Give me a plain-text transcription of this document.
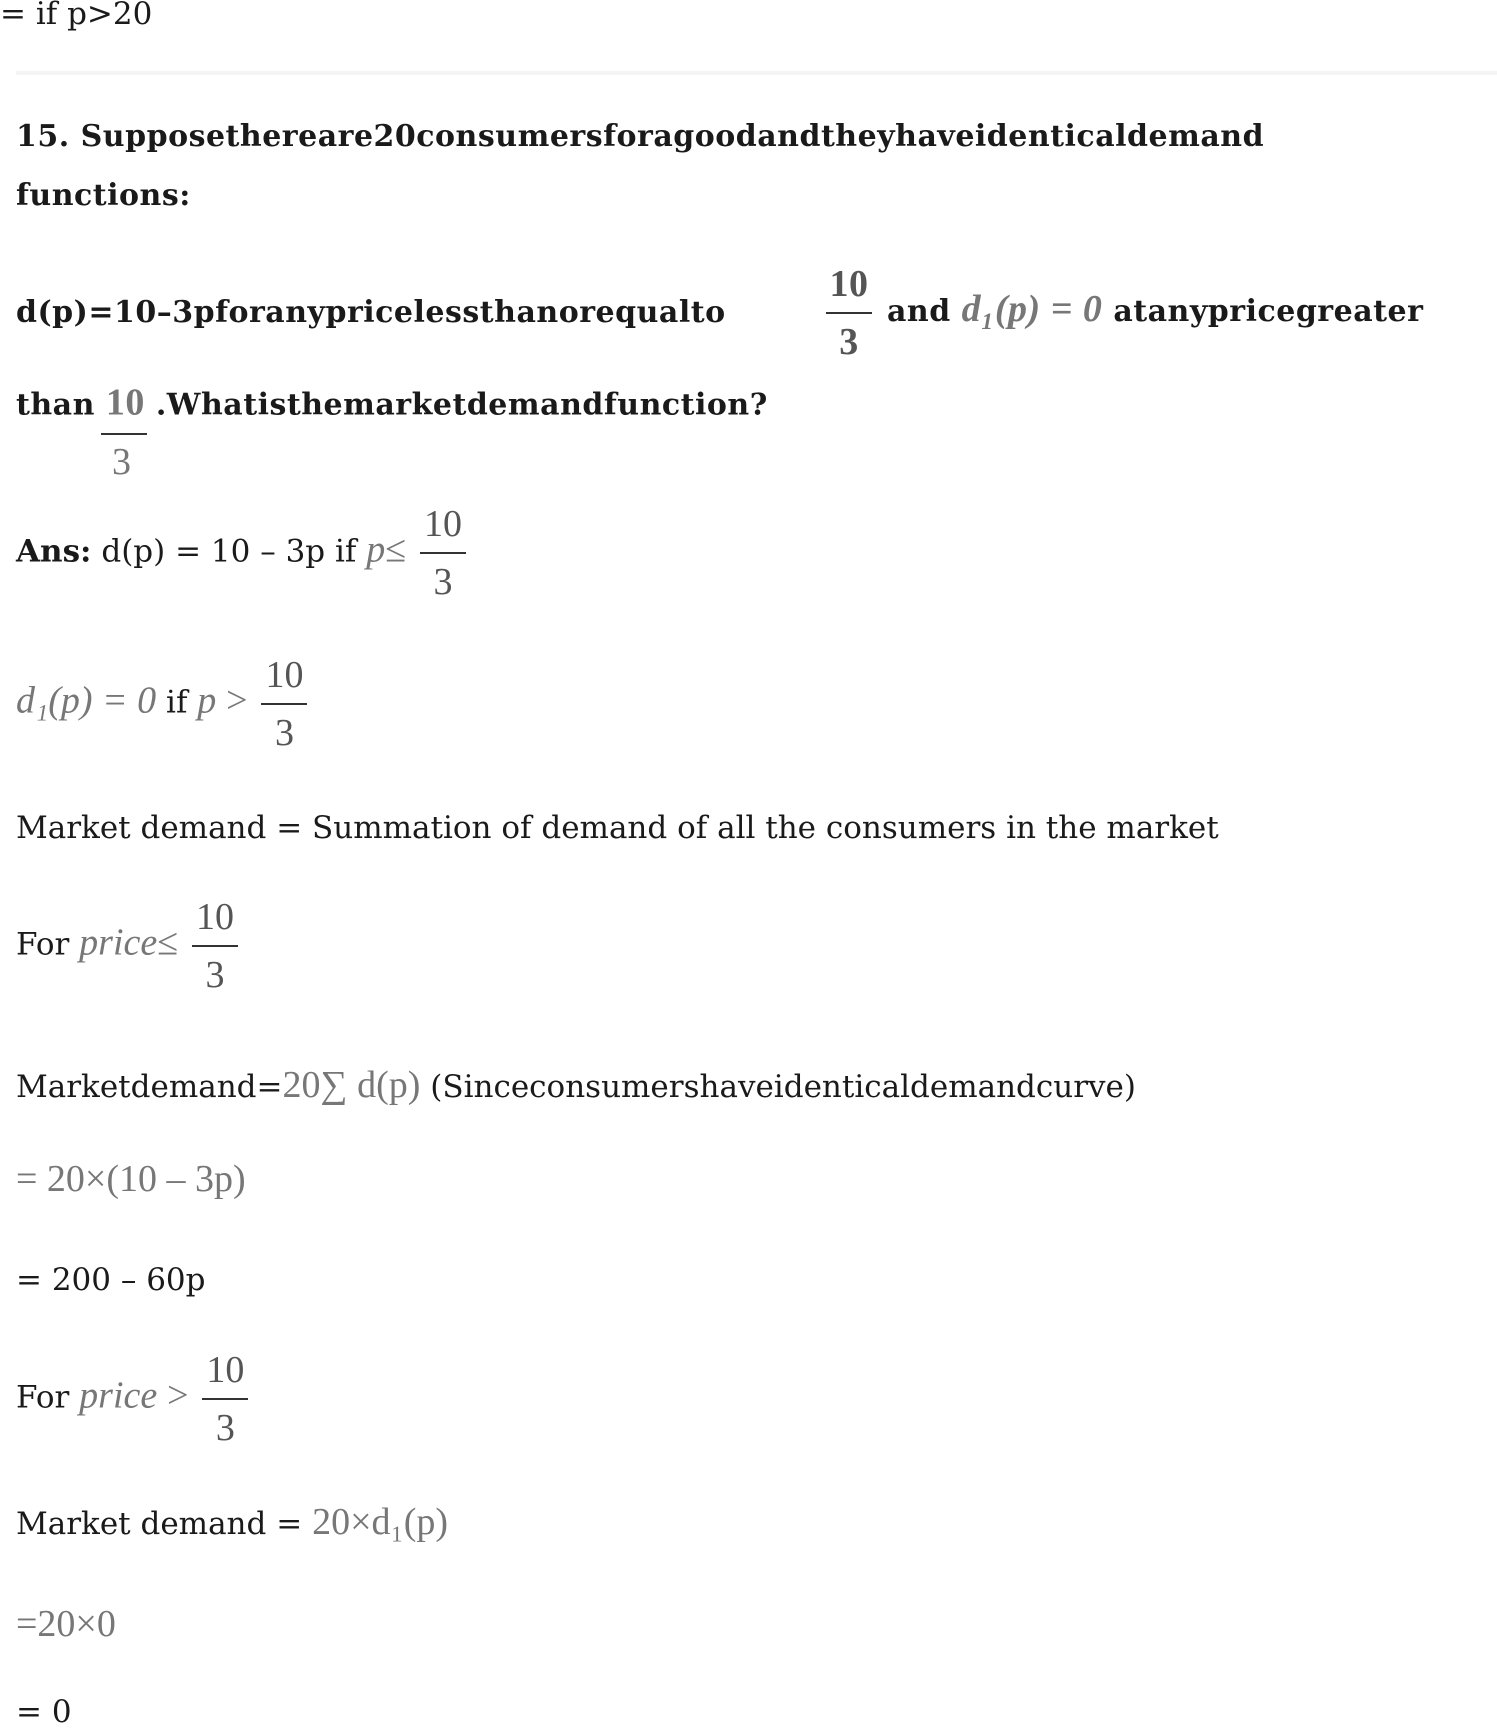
= if p>20
15. Supposethereare20consumersforagoodandtheyhaveidenticaldemand
functions:
d(p)=10–3pforanypricelessthanorequalto	$\frac{10}{3}$ and d₁(p) = 0 atanypricegreater
than 10 .Whatisthemarketdemandfunction?
3
Ans: d(p) = 10 – 3p if $p\le \frac{10}{3}$
d₁(p) = 0 if $p > \frac{10}{3}$
Market demand = Summation of demand of all the consumers in the market
For price≤ $\frac{10}{3}$
Marketdemand=20∑ d(p) (Sinceconsumershaveidenticaldemandcurve)
= 20×(10 – 3p)
= 200 – 60p
For price > $\frac{10}{3}$
Market demand = 20×d₁(p)
=20×0
= 0
